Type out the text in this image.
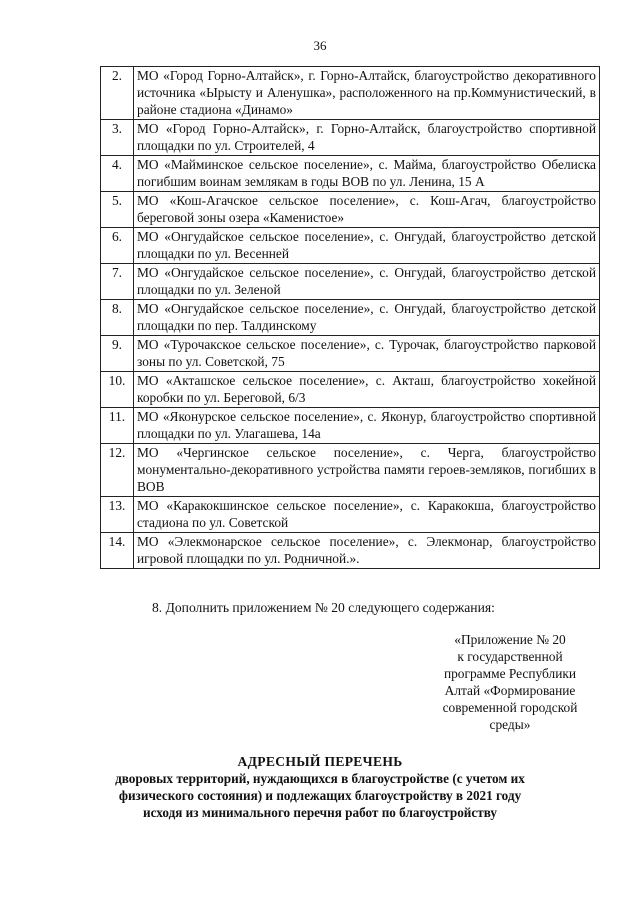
36
2.	МО «Город Горно-Алтайск», г. Горно-Алтайск, благоустройство декоративного источника «Ырысту и Аленушка», расположенного на пр.Коммунистический, в районе стадиона «Динамо»
3.	МО «Город Горно-Алтайск», г. Горно-Алтайск, благоустройство спортивной площадки по ул. Строителей, 4
4.	МО «Майминское сельское поселение», с. Майма, благоустройство Обелиска погибшим воинам землякам в годы ВОВ по ул. Ленина, 15 А
5.	МО «Кош-Агачское сельское поселение», с. Кош-Агач, благоустройство береговой зоны озера «Каменистое»
6.	МО «Онгудайское сельское поселение», с. Онгудай, благоустройство детской площадки по ул. Весенней
7.	МО «Онгудайское сельское поселение», с. Онгудай, благоустройство детской площадки по ул. Зеленой
8.	МО «Онгудайское сельское поселение», с. Онгудай, благоустройство детской площадки по пер. Талдинскому
9.	МО «Турочакское сельское поселение», с. Турочак, благоустройство парковой зоны по ул. Советской, 75
10.	МО «Акташское сельское поселение», с. Акташ, благоустройство хокейной коробки по ул. Береговой, 6/3
11.	МО «Яконурское сельское поселение», с. Яконур, благоустройство спортивной площадки по ул. Улагашева, 14а
12.	МО «Чергинское сельское поселение», с. Черга, благоустройство монументально-декоративного устройства памяти героев-земляков, погибших в ВОВ
13.	МО «Каракокшинское сельское поселение», с. Каракокша, благоустройство стадиона по ул. Советской
14.	МО «Элекмонарское сельское поселение», с. Элекмонар, благоустройство игровой площадки по ул. Родничной.».
8. Дополнить приложением № 20 следующего содержания:
«Приложение № 20
к государственной
программе Республики
Алтай «Формирование
современной городской
среды»
АДРЕСНЫЙ ПЕРЕЧЕНЬ
дворовых территорий, нуждающихся в благоустройстве (с учетом их
физического состояния) и подлежащих благоустройству в 2021 году
исходя из минимального перечня работ по благоустройству
